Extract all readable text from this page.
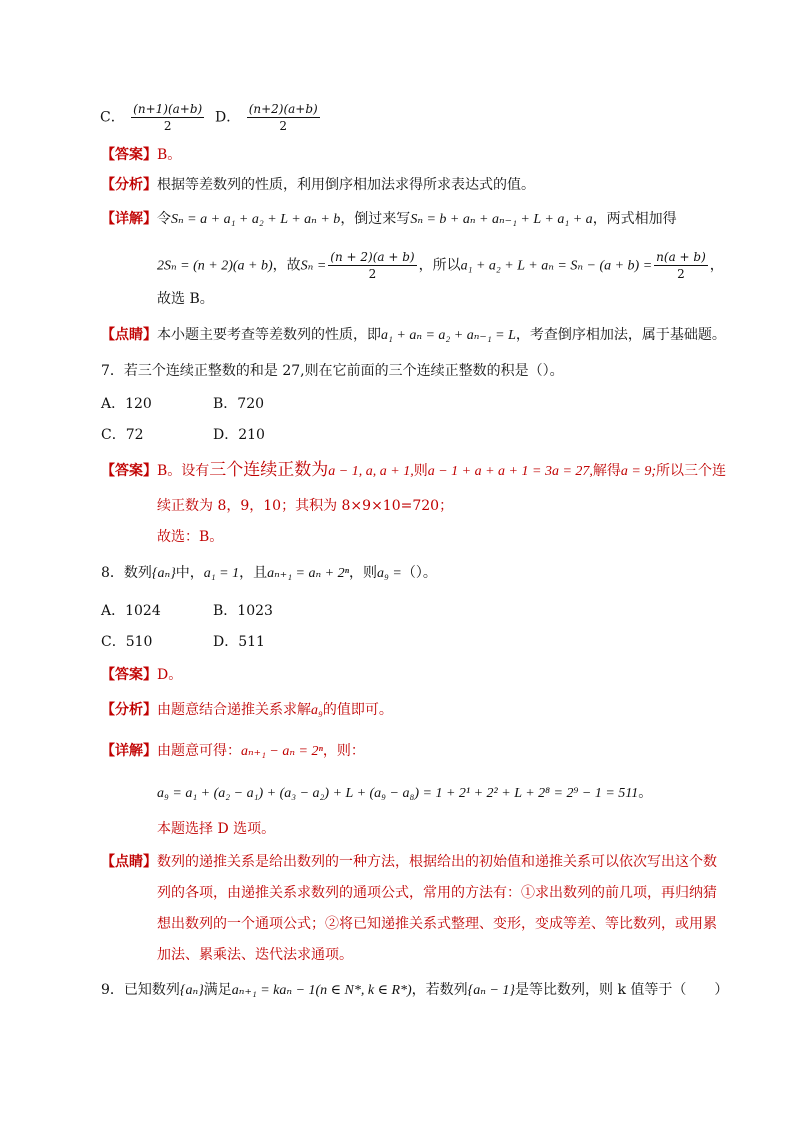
C． $\frac{(n+1)(a+b)}{2}$ D． $\frac{(n+2)(a+b)}{2}$
【答案】B。
【分析】根据等差数列的性质，利用倒序相加法求得所求表达式的值。
【详解】令Sₙ = a + a₁ + a₂ + L + aₙ + b，倒过来写Sₙ = b + aₙ + aₙ₋₁ + L + a₁ + a，两式相加得
2Sₙ = (n + 2)(a + b)，故$S_n = \frac{(n + 2)(a + b)}{2}$ ，所以$a_1 + a_2 + L + a_n = S_n - (a + b) = \frac{n(a + b)}{2}$ ，
故选 B。
【点睛】本小题主要考查等差数列的性质，即a₁ + aₙ = a₂ + aₙ₋₁ = L，考查倒序相加法，属于基础题。
7．若三个连续正整数的和是 27,则在它前面的三个连续正整数的积是（）。
A．120	B．720
C．72	D．210
【答案】B。设有三个连续正数为a − 1, a, a + 1,则a − 1 + a + a + 1 = 3a = 27,解得a = 9;所以三个连
续正数为 8，9，10；其积为 8×9×10=720；
故选：B。
8．数列{aₙ}中，a₁ = 1，且aₙ₊₁ = aₙ + 2ⁿ，则a₉ =（）。
A．1024	B．1023
C．510	D．511
【答案】D。
【分析】由题意结合递推关系求解a₉的值即可。
【详解】由题意可得：aₙ₊₁ − aₙ = 2ⁿ，则：
a₉ = a₁ + (a₂ − a₁) + (a₃ − a₂) + L + (a₉ − a₈) = 1 + 2¹ + 2² + L + 2⁸ = 2⁹ − 1 = 511。
本题选择 D 选项。
【点睛】数列的递推关系是给出数列的一种方法，根据给出的初始值和递推关系可以依次写出这个数
列的各项，由递推关系求数列的通项公式，常用的方法有：①求出数列的前几项，再归纳猜
想出数列的一个通项公式；②将已知递推关系式整理、变形，变成等差、等比数列，或用累
加法、累乘法、迭代法求通项。
9．已知数列{aₙ}满足aₙ₊₁ = kaₙ − 1(n ∈ N*, k ∈ R*)，若数列{aₙ − 1}是等比数列，则 k 值等于（　　）
